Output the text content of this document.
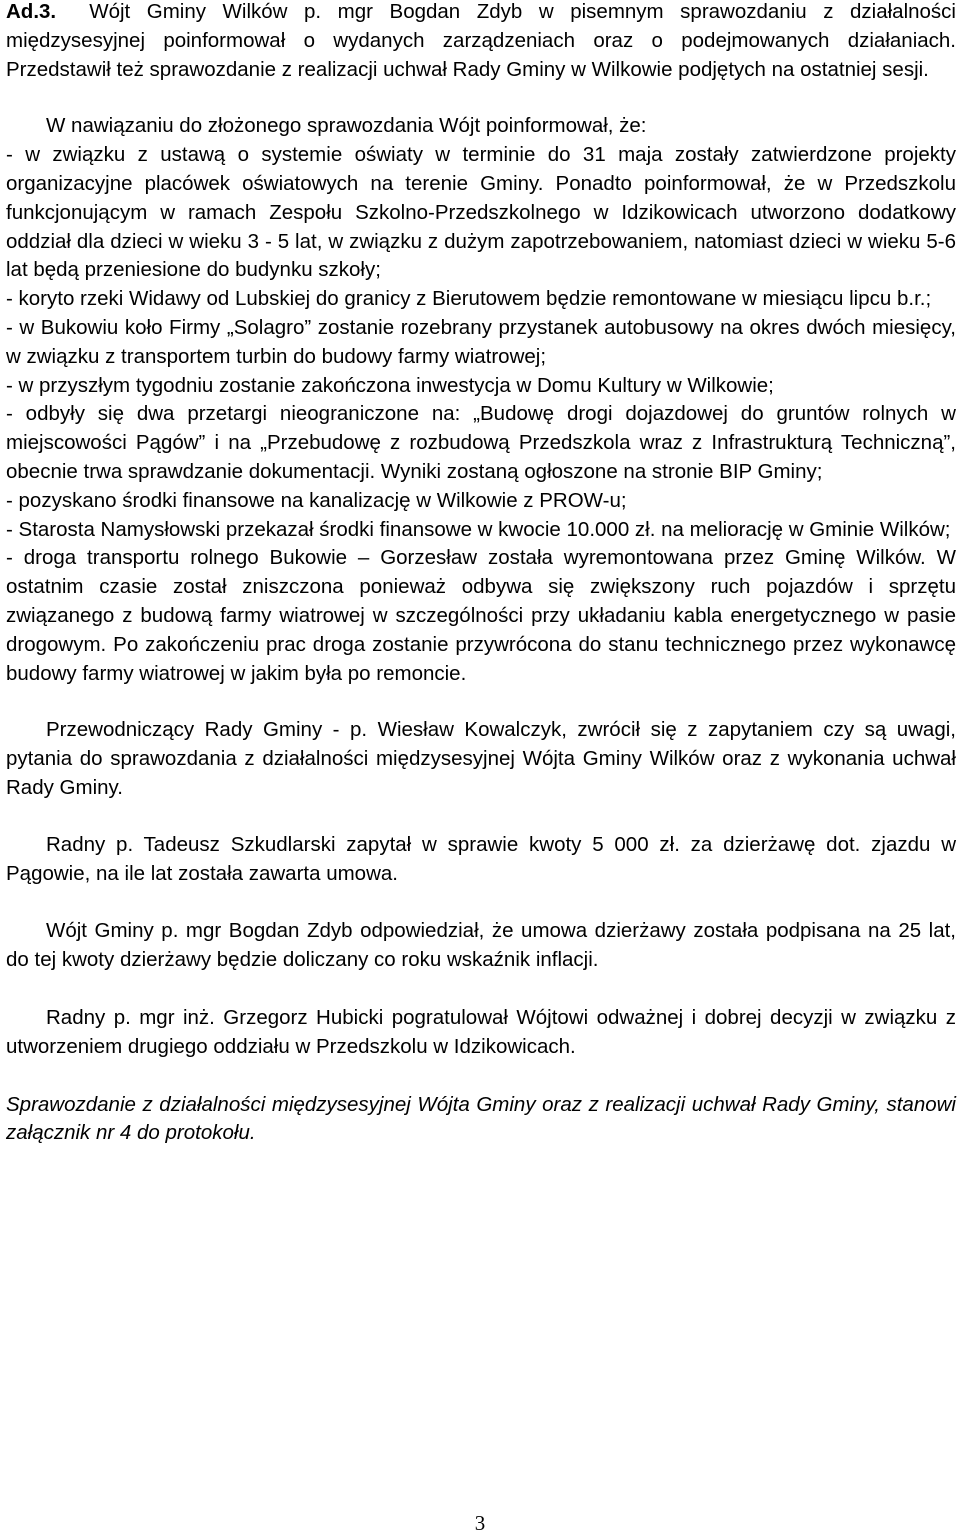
Ad.3. Wójt Gminy Wilków p. mgr Bogdan Zdyb w pisemnym sprawozdaniu z działalności międzysesyjnej poinformował o wydanych zarządzeniach oraz o podejmowanych działaniach. Przedstawił też sprawozdanie z realizacji uchwał Rady Gminy w Wilkowie podjętych na ostatniej sesji.

W nawiązaniu do złożonego sprawozdania Wójt poinformował, że:

- w związku z ustawą o systemie oświaty w terminie do 31 maja zostały zatwierdzone projekty organizacyjne placówek oświatowych na terenie Gminy. Ponadto poinformował, że w Przedszkolu funkcjonującym w ramach Zespołu Szkolno-Przedszkolnego w Idzikowicach utworzono dodatkowy oddział dla dzieci w wieku 3 - 5 lat, w związku z dużym zapotrzebowaniem, natomiast dzieci w wieku 5-6 lat będą przeniesione do budynku szkoły;

- koryto rzeki Widawy od Lubskiej do granicy z Bierutowem będzie remontowane w miesiącu lipcu b.r.;

- w Bukowiu koło Firmy „Solagro” zostanie rozebrany przystanek autobusowy na okres dwóch miesięcy, w związku z transportem turbin do budowy farmy wiatrowej;

- w przyszłym tygodniu zostanie zakończona inwestycja w Domu Kultury w Wilkowie;

- odbyły się dwa przetargi nieograniczone na: „Budowę drogi dojazdowej do gruntów rolnych w miejscowości Pągów” i na „Przebudowę z rozbudową Przedszkola wraz z Infrastrukturą Techniczną”, obecnie trwa sprawdzanie dokumentacji. Wyniki zostaną ogłoszone na stronie BIP Gminy;

- pozyskano środki finansowe na kanalizację w Wilkowie z PROW-u;

- Starosta Namysłowski przekazał środki finansowe w kwocie 10.000 zł. na meliorację w Gminie Wilków;

- droga transportu rolnego Bukowie – Gorzesław została wyremontowana przez Gminę Wilków. W ostatnim czasie został zniszczona ponieważ odbywa się zwiększony ruch pojazdów i sprzętu związanego z budową farmy wiatrowej w szczególności przy układaniu kabla energetycznego w pasie drogowym. Po zakończeniu prac droga zostanie przywrócona do stanu technicznego przez wykonawcę budowy farmy wiatrowej w jakim była po remoncie.

Przewodniczący Rady Gminy - p. Wiesław Kowalczyk, zwrócił się z zapytaniem czy są uwagi, pytania do sprawozdania z działalności międzysesyjnej Wójta Gminy Wilków oraz z wykonania uchwał Rady Gminy.

Radny p. Tadeusz Szkudlarski zapytał w sprawie kwoty 5 000 zł. za dzierżawę dot. zjazdu w Pągowie, na ile lat została zawarta umowa.

Wójt Gminy p. mgr Bogdan Zdyb odpowiedział, że umowa dzierżawy została podpisana na 25 lat, do tej kwoty dzierżawy będzie doliczany co roku wskaźnik inflacji.

Radny p. mgr inż. Grzegorz Hubicki pogratulował Wójtowi odważnej i dobrej decyzji w związku z utworzeniem drugiego oddziału w Przedszkolu w Idzikowicach.

Sprawozdanie z działalności międzysesyjnej Wójta Gminy oraz z realizacji uchwał Rady Gminy, stanowi załącznik nr 4 do protokołu.

3
